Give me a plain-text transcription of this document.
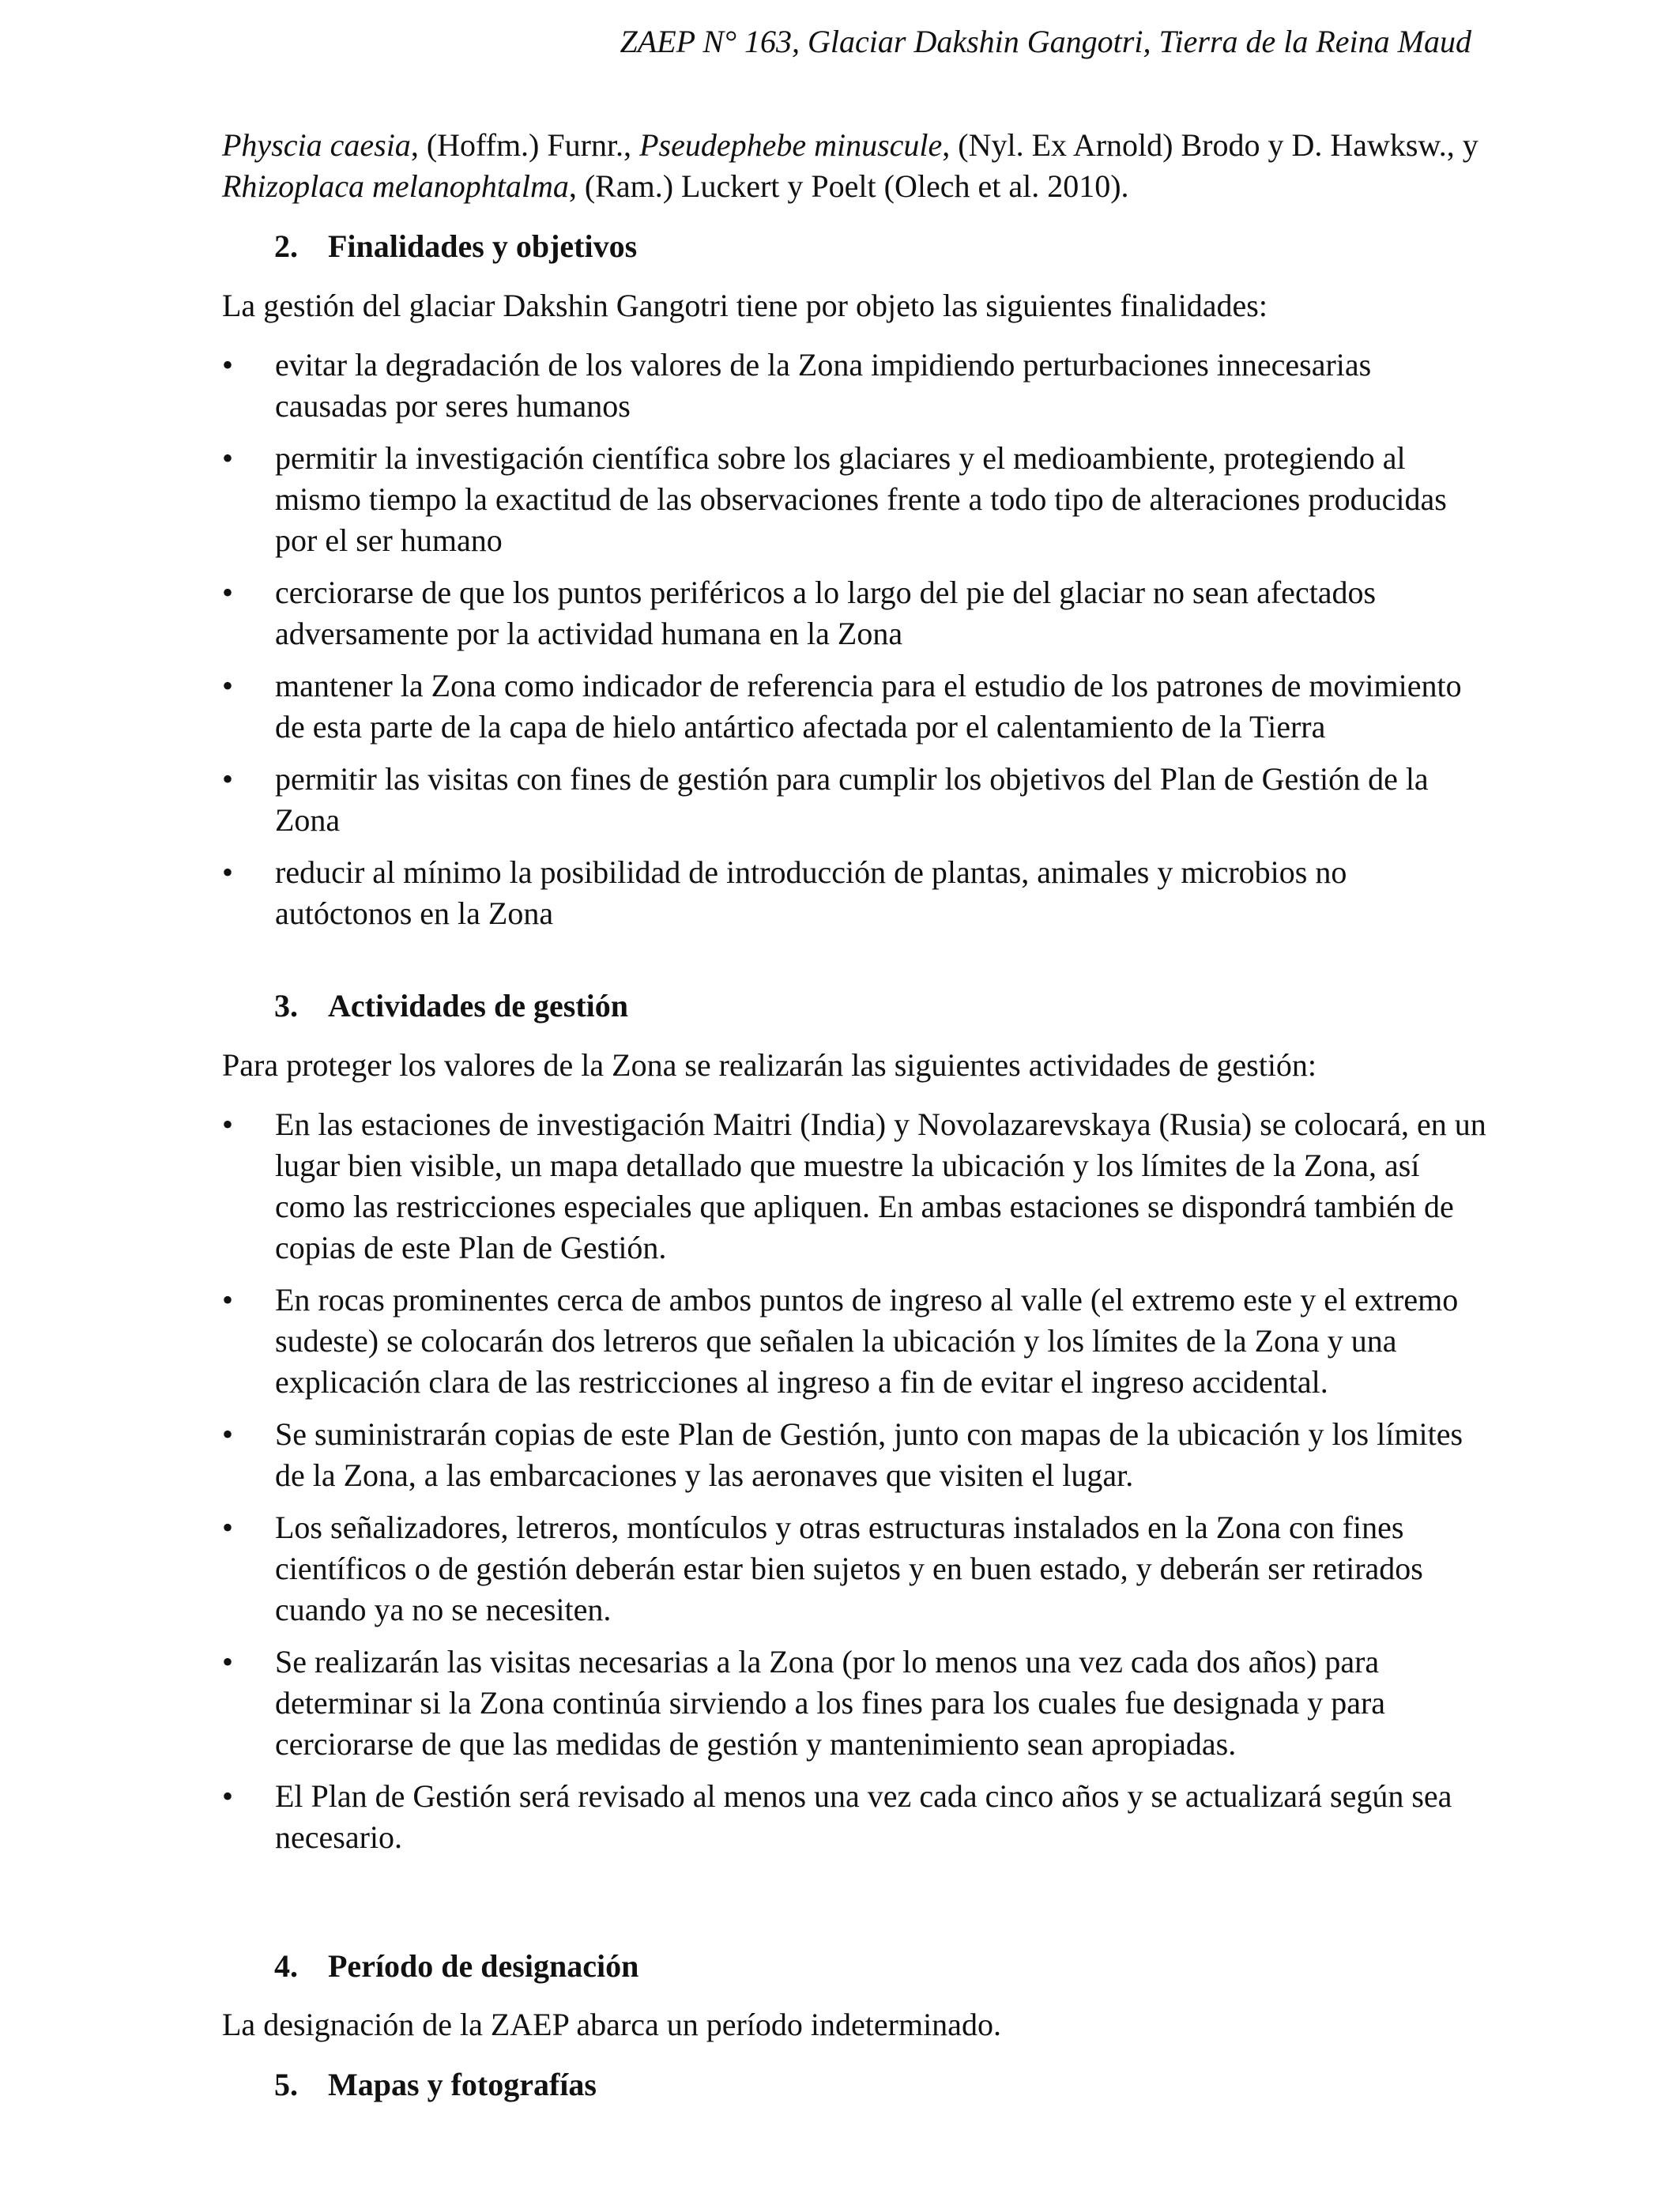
ZAEP N° 163, Glaciar Dakshin Gangotri, Tierra de la Reina Maud

Physcia caesia, (Hoffm.) Furnr., Pseudephebe minuscule, (Nyl. Ex Arnold) Brodo y D. Hawksw., y Rhizoplaca melanophtalma, (Ram.) Luckert y Poelt (Olech et al. 2010).

2. Finalidades y objetivos
La gestión del glaciar Dakshin Gangotri tiene por objeto las siguientes finalidades:
•	evitar la degradación de los valores de la Zona impidiendo perturbaciones innecesarias causadas por seres humanos
•	permitir la investigación científica sobre los glaciares y el medioambiente, protegiendo al mismo tiempo la exactitud de las observaciones frente a todo tipo de alteraciones producidas por el ser humano
•	cerciorarse de que los puntos periféricos a lo largo del pie del glaciar no sean afectados adversamente por la actividad humana en la Zona
•	mantener la Zona como indicador de referencia para el estudio de los patrones de movimiento de esta parte de la capa de hielo antártico afectada por el calentamiento de la Tierra
•	permitir las visitas con fines de gestión para cumplir los objetivos del Plan de Gestión de la Zona
•	reducir al mínimo la posibilidad de introducción de plantas, animales y microbios no autóctonos en la Zona
3. Actividades de gestión
Para proteger los valores de la Zona se realizarán las siguientes actividades de gestión:
•	En las estaciones de investigación Maitri (India) y Novolazarevskaya (Rusia) se colocará, en un lugar bien visible, un mapa detallado que muestre la ubicación y los límites de la Zona, así como las restricciones especiales que apliquen. En ambas estaciones se dispondrá también de copias de este Plan de Gestión.
•	En rocas prominentes cerca de ambos puntos de ingreso al valle (el extremo este y el extremo sudeste) se colocarán dos letreros que señalen la ubicación y los límites de la Zona y una explicación clara de las restricciones al ingreso a fin de evitar el ingreso accidental.
•	Se suministrarán copias de este Plan de Gestión, junto con mapas de la ubicación y los límites de la Zona, a las embarcaciones y las aeronaves que visiten el lugar.
•	Los señalizadores, letreros, montículos y otras estructuras instalados en la Zona con fines científicos o de gestión deberán estar bien sujetos y en buen estado, y deberán ser retirados cuando ya no se necesiten.
•	Se realizarán las visitas necesarias a la Zona (por lo menos una vez cada dos años) para determinar si la Zona continúa sirviendo a los fines para los cuales fue designada y para cerciorarse de que las medidas de gestión y mantenimiento sean apropiadas.
•	El Plan de Gestión será revisado al menos una vez cada cinco años y se actualizará según sea necesario.
4. Período de designación
La designación de la ZAEP abarca un período indeterminado.
5. Mapas y fotografías
